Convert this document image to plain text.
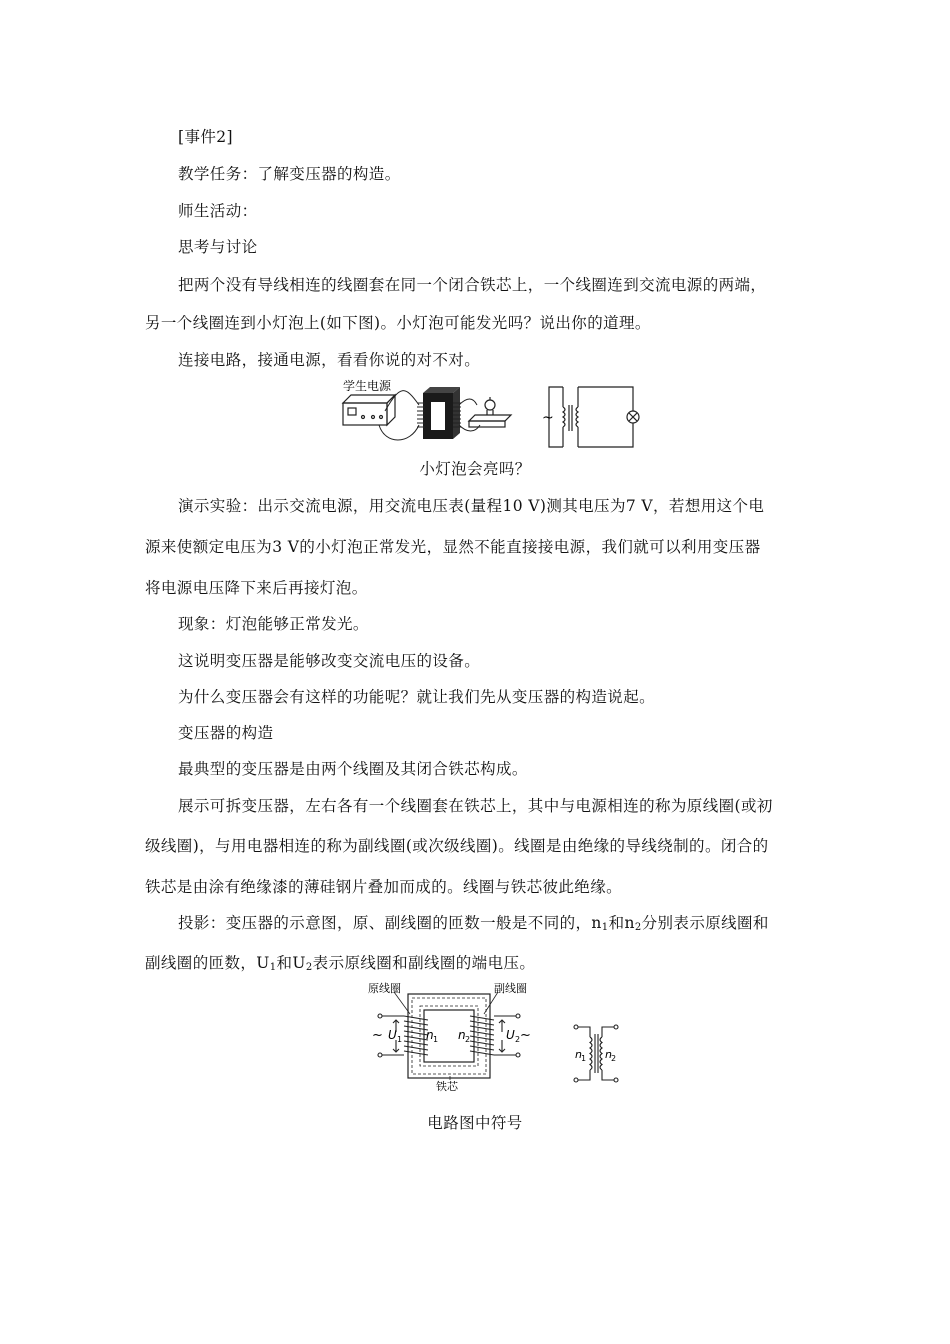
[事件2]
教学任务：了解变压器的构造。
师生活动：
思考与讨论
把两个没有导线相连的线圈套在同一个闭合铁芯上，一个线圈连到交流电源的两端，
另一个线圈连到小灯泡上(如下图)。小灯泡可能发光吗？说出你的道理。
连接电路，接通电源，看看你说的对不对。
学生电源
~
小灯泡会亮吗？
演示实验：出示交流电源，用交流电压表(量程10 V)测其电压为7 V，若想用这个电
源来使额定电压为3 V的小灯泡正常发光，显然不能直接接电源，我们就可以利用变压器
将电源电压降下来后再接灯泡。
现象：灯泡能够正常发光。
这说明变压器是能够改变交流电压的设备。
为什么变压器会有这样的功能呢？就让我们先从变压器的构造说起。
变压器的构造
最典型的变压器是由两个线圈及其闭合铁芯构成。
展示可拆变压器，左右各有一个线圈套在铁芯上，其中与电源相连的称为原线圈(或初
级线圈)，与用电器相连的称为副线圈(或次级线圈)。线圈是由绝缘的导线绕制的。闭合的
铁芯是由涂有绝缘漆的薄硅钢片叠加而成的。线圈与铁芯彼此绝缘。
投影：变压器的示意图，原、副线圈的匝数一般是不同的，$n_1$和$n_2$分别表示原线圈和
副线圈的匝数，$U_1$和$U_2$表示原线圈和副线圈的端电压。
原线圈	副线圈
铁芯
~ U 1 n 1 n 2	U 2 ~
n 1 n 2
电路图中符号
